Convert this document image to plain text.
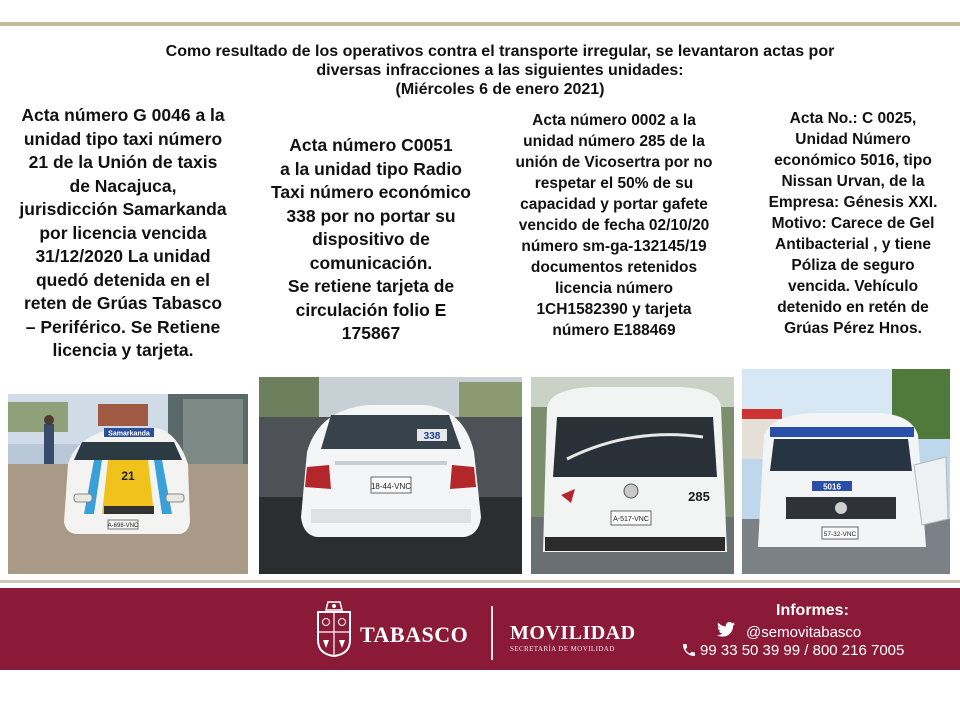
Como resultado de los operativos contra el transporte irregular, se levantaron actas por
diversas infracciones a las siguientes unidades:
(Miércoles 6 de enero 2021)
Acta número G 0046 a la
unidad tipo taxi número
21 de la Unión de taxis
de Nacajuca,
jurisdicción Samarkanda
por licencia vencida
31/12/2020 La unidad
quedó detenida en el
reten de Grúas Tabasco
– Periférico. Se Retiene
licencia y tarjeta.
Acta número C0051
a la unidad tipo Radio
Taxi número económico
338 por no portar su
dispositivo de
comunicación.
Se retiene tarjeta de
circulación folio E
175867
Acta número 0002 a la
unidad número 285 de la
unión de Vicosertra por no
respetar el 50% de su
capacidad y portar gafete
vencido de fecha 02/10/20
número sm-ga-132145/19
documentos retenidos
licencia número
1CH1582390 y tarjeta
número E188469
Acta No.: C 0025,
Unidad Número
económico 5016, tipo
Nissan Urvan, de la
Empresa: Génesis XXI.
Motivo: Carece de Gel
Antibacterial , y tiene
Póliza de seguro
vencida. Vehículo
detenido en retén de
Grúas Pérez Hnos.
Samarkanda
21
A-698-VNC
338
18-44-VNC
285
A-517-VNC
5016
57-32-VNC
TABASCO MOVILIDAD
SECRETARÍA DE MOVILIDAD
Informes:
@semovitabasco
99 33 50 39 99 / 800 216 7005
